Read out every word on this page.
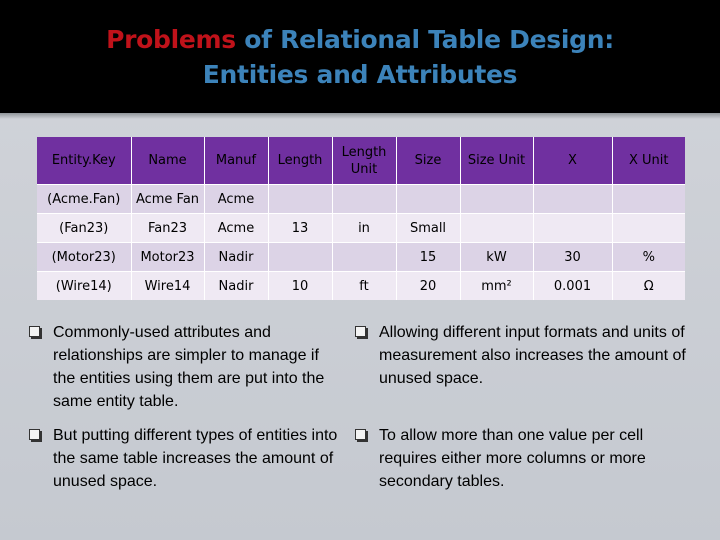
Problems of Relational Table Design:
Entities and Attributes
Entity.Key	Name	Manuf	Length	Length Unit	Size	Size Unit	X	X Unit
(Acme.Fan)	Acme Fan	Acme						
(Fan23)	Fan23	Acme	13	in	Small			
(Motor23)	Motor23	Nadir			15	kW	30	%
(Wire14)	Wire14	Nadir	10	ft	20	mm²	0.001	Ω
Commonly-used attributes and relationships are simpler to manage if the entities using them are put into the same entity table.
But putting different types of entities into the same table increases the amount of unused space.
Allowing different input formats and units of measurement also increases the amount of unused space.
To allow more than one value per cell requires either more columns or more secondary tables.
